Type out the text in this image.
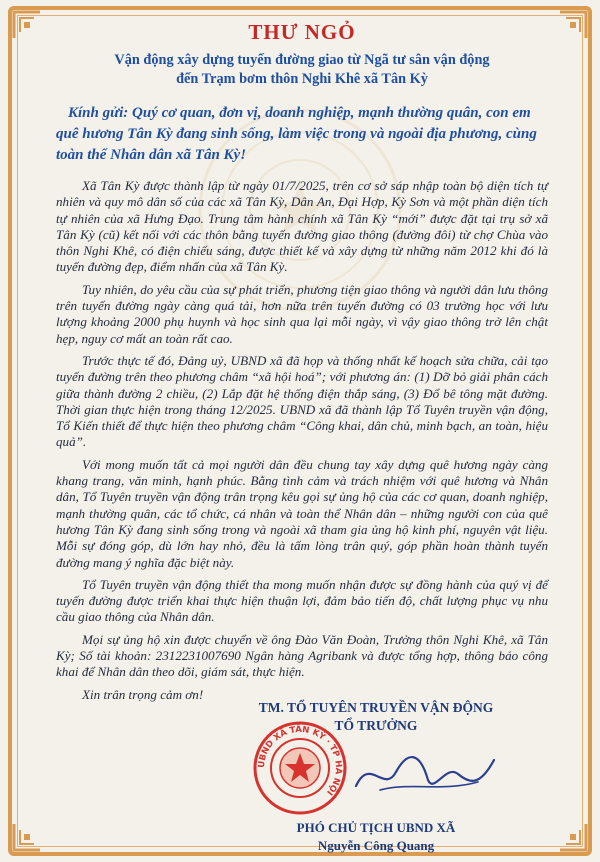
THƯ NGỎ

Vận động xây dựng tuyến đường giao từ Ngã tư sân vận động
đến Trạm bơm thôn Nghi Khê xã Tân Kỳ

Kính gửi: Quý cơ quan, đơn vị, doanh nghiệp, mạnh thường quân, con em quê hương Tân Kỳ đang sinh sống, làm việc trong và ngoài địa phương, cùng toàn thể Nhân dân xã Tân Kỳ!

Xã Tân Kỳ được thành lập từ ngày 01/7/2025, trên cơ sở sáp nhập toàn bộ diện tích tự nhiên và quy mô dân số của các xã Tân Kỳ, Dân An, Đại Hợp, Kỳ Sơn và một phần diện tích tự nhiên của xã Hưng Đạo. Trung tâm hành chính xã Tân Kỳ “mới” được đặt tại trụ sở xã Tân Kỳ (cũ) kết nối với các thôn bằng tuyến đường giao thông (đường đôi) từ chợ Chùa vào thôn Nghi Khê, có điện chiếu sáng, được thiết kế và xây dựng từ những năm 2012 khi đó là tuyến đường đẹp, điểm nhấn của xã Tân Kỳ.

Tuy nhiên, do yêu cầu của sự phát triển, phương tiện giao thông và người dân lưu thông trên tuyến đường ngày càng quá tải, hơn nữa trên tuyến đường có 03 trường học với lưu lượng khoảng 2000 phụ huynh và học sinh qua lại mỗi ngày, vì vậy giao thông trở lên chật hẹp, nguy cơ mất an toàn rất cao.

Trước thực tế đó, Đảng uỷ, UBND xã đã họp và thống nhất kế hoạch sửa chữa, cải tạo tuyến đường trên theo phương châm “xã hội hoá”; với phương án: (1) Dỡ bỏ giải phân cách giữa thành đường 2 chiều, (2) Lắp đặt hệ thống điện thắp sáng, (3) Đổ bê tông mặt đường. Thời gian thực hiện trong tháng 12/2025. UBND xã đã thành lập Tổ Tuyên truyền vận động, Tổ Kiến thiết để thực hiện theo phương châm “Công khai, dân chủ, minh bạch, an toàn, hiệu quả”.

Với mong muốn tất cả mọi người dân đều chung tay xây dựng quê hương ngày càng khang trang, văn minh, hạnh phúc. Bằng tình cảm và trách nhiệm với quê hương và Nhân dân, Tổ Tuyên truyền vận động trân trọng kêu gọi sự ủng hộ của các cơ quan, doanh nghiệp, mạnh thường quân, các tổ chức, cá nhân và toàn thể Nhân dân – những người con của quê hương Tân Kỳ đang sinh sống trong và ngoài xã tham gia ủng hộ kinh phí, nguyên vật liệu. Mỗi sự đóng góp, dù lớn hay nhỏ, đều là tấm lòng trân quý, góp phần hoàn thành tuyến đường mang ý nghĩa đặc biệt này.

Tổ Tuyên truyền vận động thiết tha mong muốn nhận được sự đồng hành của quý vị để tuyến đường được triển khai thực hiện thuận lợi, đảm bảo tiến độ, chất lượng phục vụ nhu cầu giao thông của Nhân dân.

Mọi sự ủng hộ xin được chuyển về ông Đào Văn Đoàn, Trưởng thôn Nghi Khê, xã Tân Kỳ; Số tài khoản: 2312231007690 Ngân hàng Agribank và được tổng hợp, thông báo công khai để Nhân dân theo dõi, giám sát, thực hiện.

Xin trân trọng cảm ơn!

TM. TỔ TUYÊN TRUYỀN VẬN ĐỘNG
TỔ TRƯỞNG
UBND XÃ TÂN KỲ · TP HÀ NỘI
PHÓ CHỦ TỊCH UBND XÃ
Nguyễn Công Quang
